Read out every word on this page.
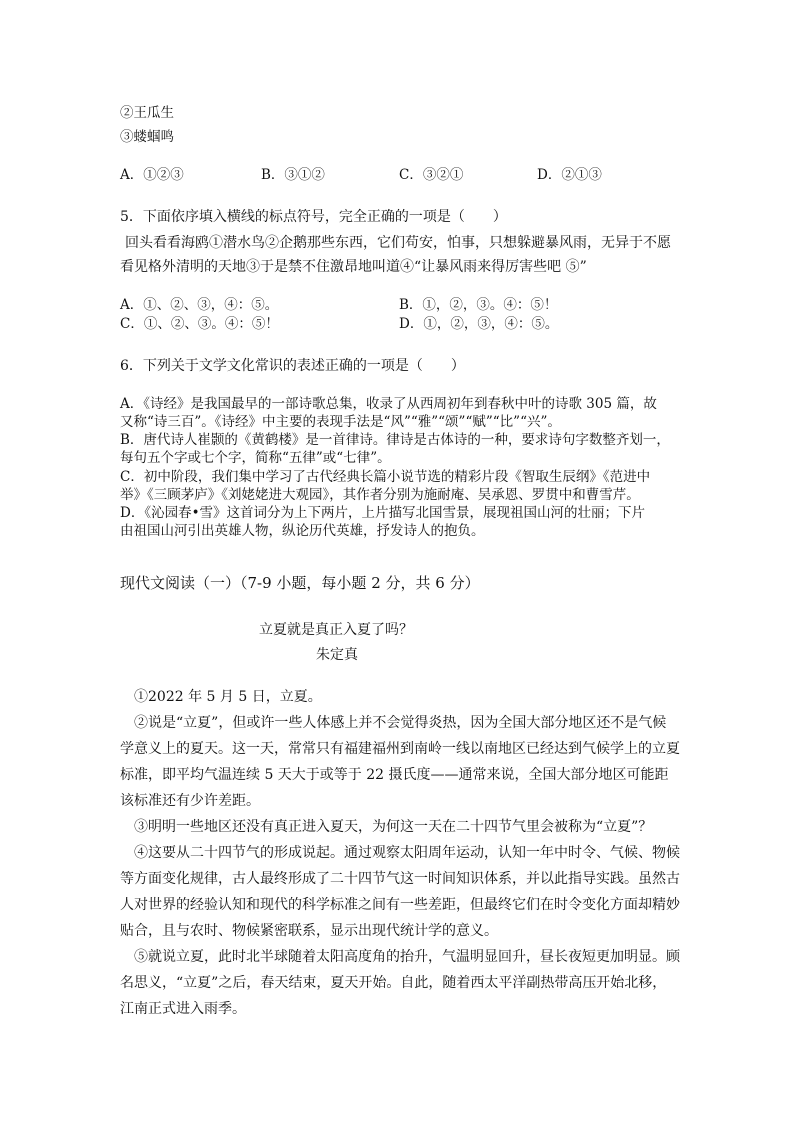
②王瓜生
③蝼蝈鸣
A．①②③	B．③①②	C．③②①	D．②①③
5．下面依序填入横线的标点符号，完全正确的一项是（　　）
回头看看海鸥①潜水鸟②企鹅那些东西，它们苟安，怕事，只想躲避暴风雨，无异于不愿
看见格外清明的天地③于是禁不住激昂地叫道④“让暴风雨来得厉害些吧 ⑤”
A．①、②、③，④：⑤。	B．①，②，③。④：⑤！
C．①、②、③。④：⑤！	D．①，②，③，④：⑤。
6．下列关于文学文化常识的表述正确的一项是（　　）
A．《诗经》是我国最早的一部诗歌总集，收录了从西周初年到春秋中叶的诗歌 305 篇，故
又称“诗三百”。《诗经》中主要的表现手法是“风”“雅”“颂”“赋”“比”“兴”。
B．唐代诗人崔颢的《黄鹤楼》是一首律诗。律诗是古体诗的一种，要求诗句字数整齐划一，
每句五个字或七个字，简称“五律”或“七律”。
C．初中阶段，我们集中学习了古代经典长篇小说节选的精彩片段《智取生辰纲》《范进中
举》《三顾茅庐》《刘姥姥进大观园》，其作者分别为施耐庵、吴承恩、罗贯中和曹雪芹。
D．《沁园春•雪》这首词分为上下两片，上片描写北国雪景，展现祖国山河的壮丽；下片
由祖国山河引出英雄人物，纵论历代英雄，抒发诗人的抱负。
现代文阅读（一）（7-9 小题，每小题 2 分，共 6 分）
立夏就是真正入夏了吗？
朱定真

①2022 年 5 月 5 日，立夏。

②说是“立夏”，但或许一些人体感上并不会觉得炎热，因为全国大部分地区还不是气候学意义上的夏天。这一天，常常只有福建福州到南岭一线以南地区已经达到气候学上的立夏标准，即平均气温连续 5 天大于或等于 22 摄氏度——通常来说，全国大部分地区可能距该标准还有少许差距。

③明明一些地区还没有真正进入夏天，为何这一天在二十四节气里会被称为“立夏”？

④这要从二十四节气的形成说起。通过观察太阳周年运动，认知一年中时令、气候、物候等方面变化规律，古人最终形成了二十四节气这一时间知识体系，并以此指导实践。虽然古人对世界的经验认知和现代的科学标准之间有一些差距，但最终它们在时令变化方面却精妙贴合，且与农时、物候紧密联系，显示出现代统计学的意义。

⑤就说立夏，此时北半球随着太阳高度角的抬升，气温明显回升，昼长夜短更加明显。顾名思义，“立夏”之后，春天结束，夏天开始。自此，随着西太平洋副热带高压开始北移，江南正式进入雨季。
